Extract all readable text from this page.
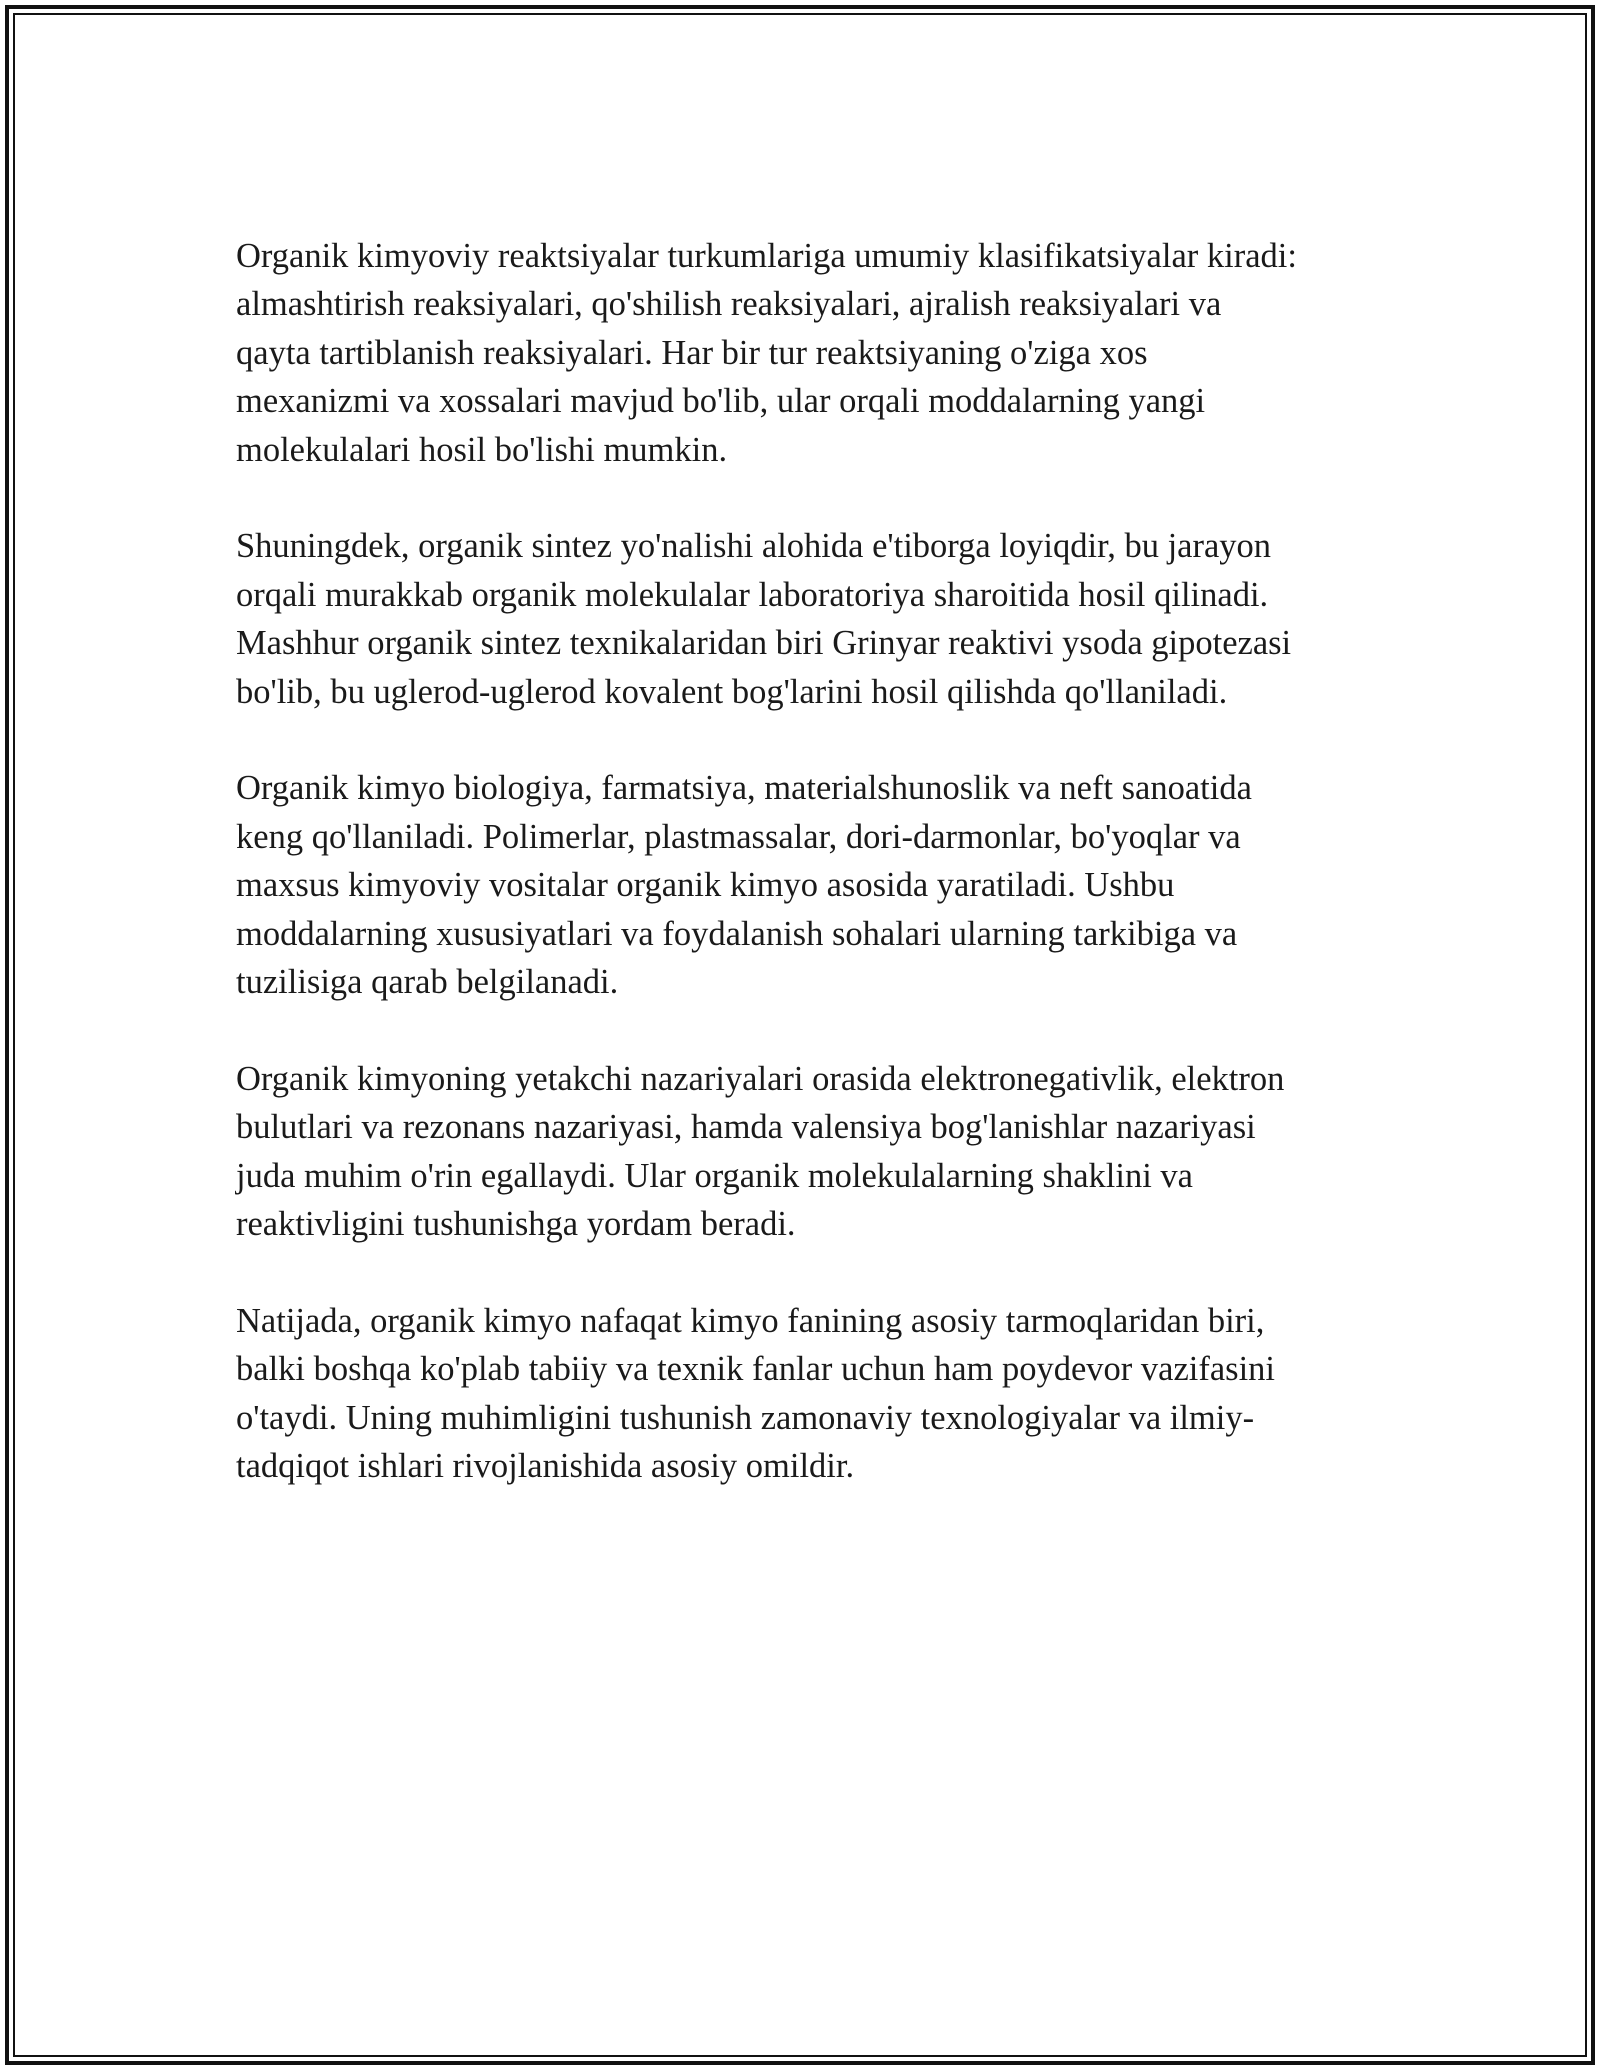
Organik kimyoviy reaktsiyalar turkumlariga umumiy klasifikatsiyalar kiradi:
almashtirish reaksiyalari, qo'shilish reaksiyalari, ajralish reaksiyalari va
qayta tartiblanish reaksiyalari. Har bir tur reaktsiyaning o'ziga xos
mexanizmi va xossalari mavjud bo'lib, ular orqali moddalarning yangi
molekulalari hosil bo'lishi mumkin.

Shuningdek, organik sintez yo'nalishi alohida e'tiborga loyiqdir, bu jarayon
orqali murakkab organik molekulalar laboratoriya sharoitida hosil qilinadi.
Mashhur organik sintez texnikalaridan biri Grinyar reaktivi ysoda gipotezasi
bo'lib, bu uglerod-uglerod kovalent bog'larini hosil qilishda qo'llaniladi.

Organik kimyo biologiya, farmatsiya, materialshunoslik va neft sanoatida
keng qo'llaniladi. Polimerlar, plastmassalar, dori-darmonlar, bo'yoqlar va
maxsus kimyoviy vositalar organik kimyo asosida yaratiladi. Ushbu
moddalarning xususiyatlari va foydalanish sohalari ularning tarkibiga va
tuzilisiga qarab belgilanadi.

Organik kimyoning yetakchi nazariyalari orasida elektronegativlik, elektron
bulutlari va rezonans nazariyasi, hamda valensiya bog'lanishlar nazariyasi
juda muhim o'rin egallaydi. Ular organik molekulalarning shaklini va
reaktivligini tushunishga yordam beradi.

Natijada, organik kimyo nafaqat kimyo fanining asosiy tarmoqlaridan biri,
balki boshqa ko'plab tabiiy va texnik fanlar uchun ham poydevor vazifasini
o'taydi. Uning muhimligini tushunish zamonaviy texnologiyalar va ilmiy-
tadqiqot ishlari rivojlanishida asosiy omildir.
